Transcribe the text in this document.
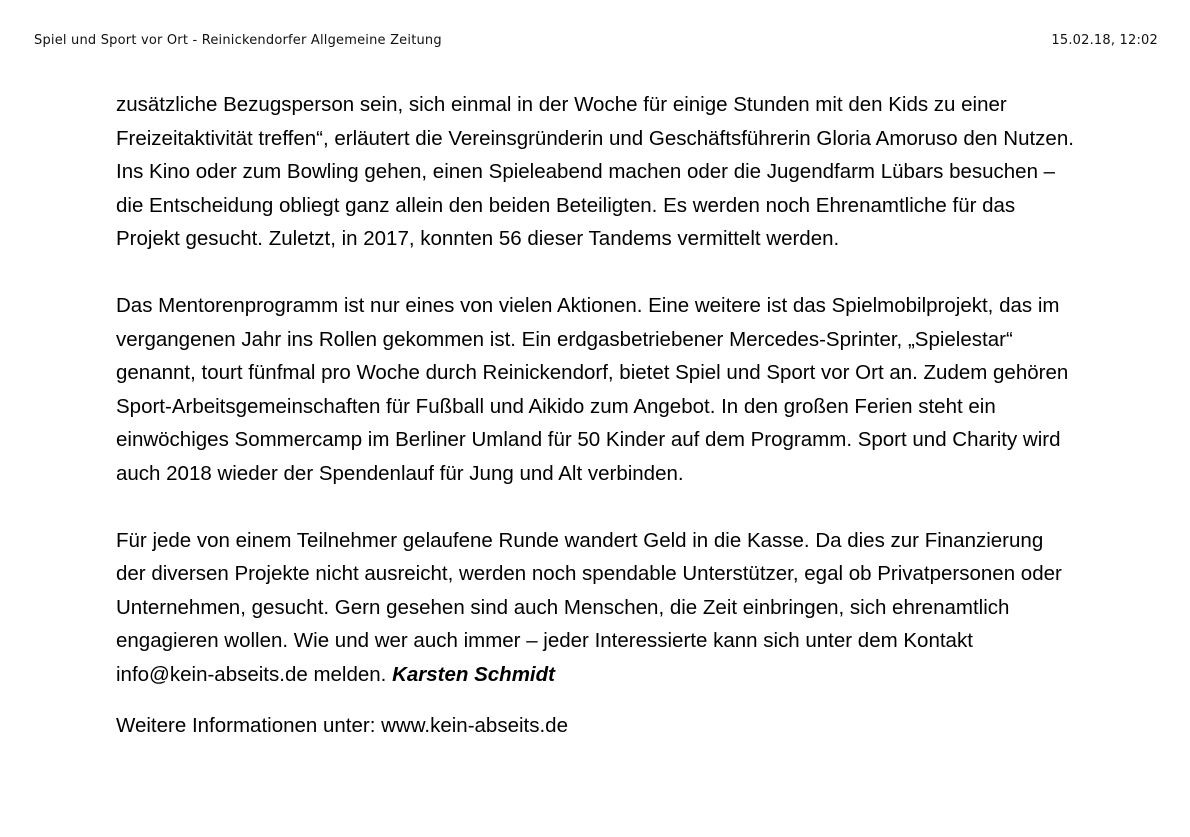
Spiel und Sport vor Ort - Reinickendorfer Allgemeine Zeitung	15.02.18, 12:02

zusätzliche Bezugsperson sein, sich einmal in der Woche für einige Stunden mit den Kids zu einer Freizeitaktivität treffen“, erläutert die Vereinsgründerin und Geschäftsführerin Gloria Amoruso den Nutzen. Ins Kino oder zum Bowling gehen, einen Spieleabend machen oder die Jugendfarm Lübars besuchen – die Entscheidung obliegt ganz allein den beiden Beteiligten. Es werden noch Ehrenamtliche für das Projekt gesucht. Zuletzt, in 2017, konnten 56 dieser Tandems vermittelt werden.

Das Mentorenprogramm ist nur eines von vielen Aktionen. Eine weitere ist das Spielmobilprojekt, das im vergangenen Jahr ins Rollen gekommen ist. Ein erdgasbetriebener Mercedes-Sprinter, „Spielestar“ genannt, tourt fünfmal pro Woche durch Reinickendorf, bietet Spiel und Sport vor Ort an. Zudem gehören Sport-Arbeitsgemeinschaften für Fußball und Aikido zum Angebot. In den großen Ferien steht ein einwöchiges Sommercamp im Berliner Umland für 50 Kinder auf dem Programm. Sport und Charity wird auch 2018 wieder der Spendenlauf für Jung und Alt verbinden.

Für jede von einem Teilnehmer gelaufene Runde wandert Geld in die Kasse. Da dies zur Finanzierung der diversen Projekte nicht ausreicht, werden noch spendable Unterstützer, egal ob Privatpersonen oder Unternehmen, gesucht. Gern gesehen sind auch Menschen, die Zeit einbringen, sich ehrenamtlich engagieren wollen. Wie und wer auch immer – jeder Interessierte kann sich unter dem Kontakt info@kein-abseits.de melden. Karsten Schmidt

Weitere Informationen unter: www.kein-abseits.de
